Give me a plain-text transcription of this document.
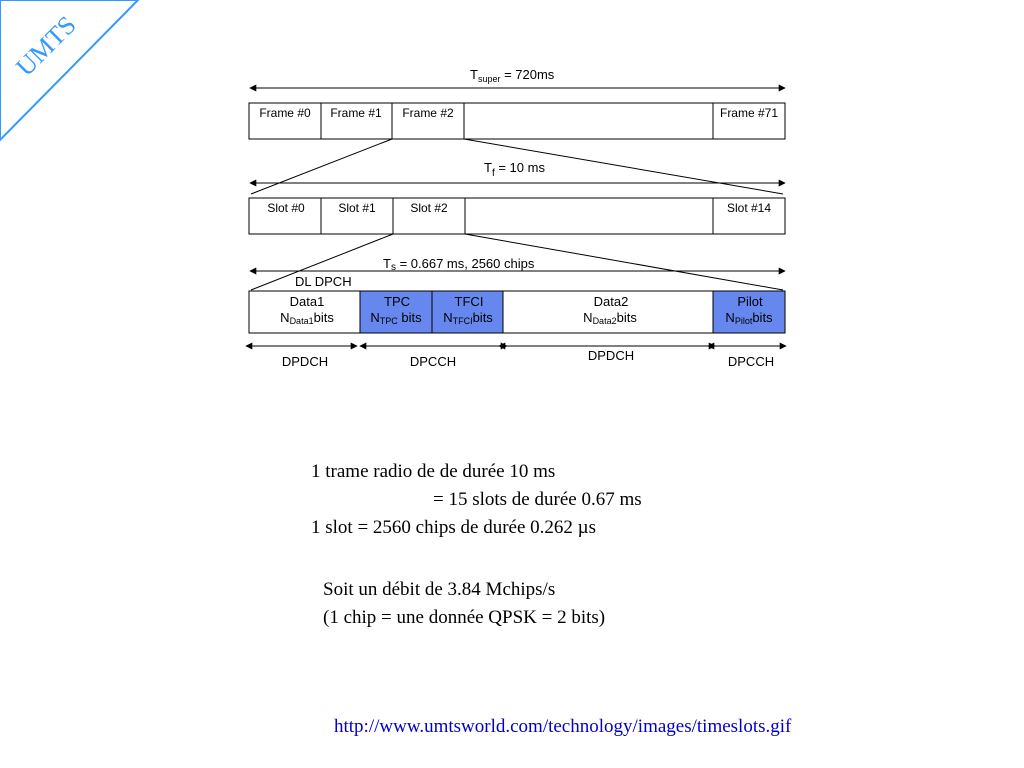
UMTS	$T_{super} = 720ms$
Frame #0 Frame #1 Frame #2	Frame #71
$T_f = 10$ ms
Slot #0	Slot #1	Slot #2	Slot #14
Ts = 0.667 ms, 2560 chips
DL DPCH
Data1
NData1bits
TPC
NTPC bits
TFCI
NTFCIbits
Data2
NData2bits
Pilot
NPilotbits
DPDCH	DPCCH	DPDCH	DPCCH
1 trame radio de de durée 10 ms
= 15 slots de durée 0.67 ms
1 slot = 2560 chips de durée 0.262 µs
Soit un débit de 3.84 Mchips/s
(1 chip = une donnée QPSK = 2 bits)
http://www.umtsworld.com/technology/images/timeslots.gif
